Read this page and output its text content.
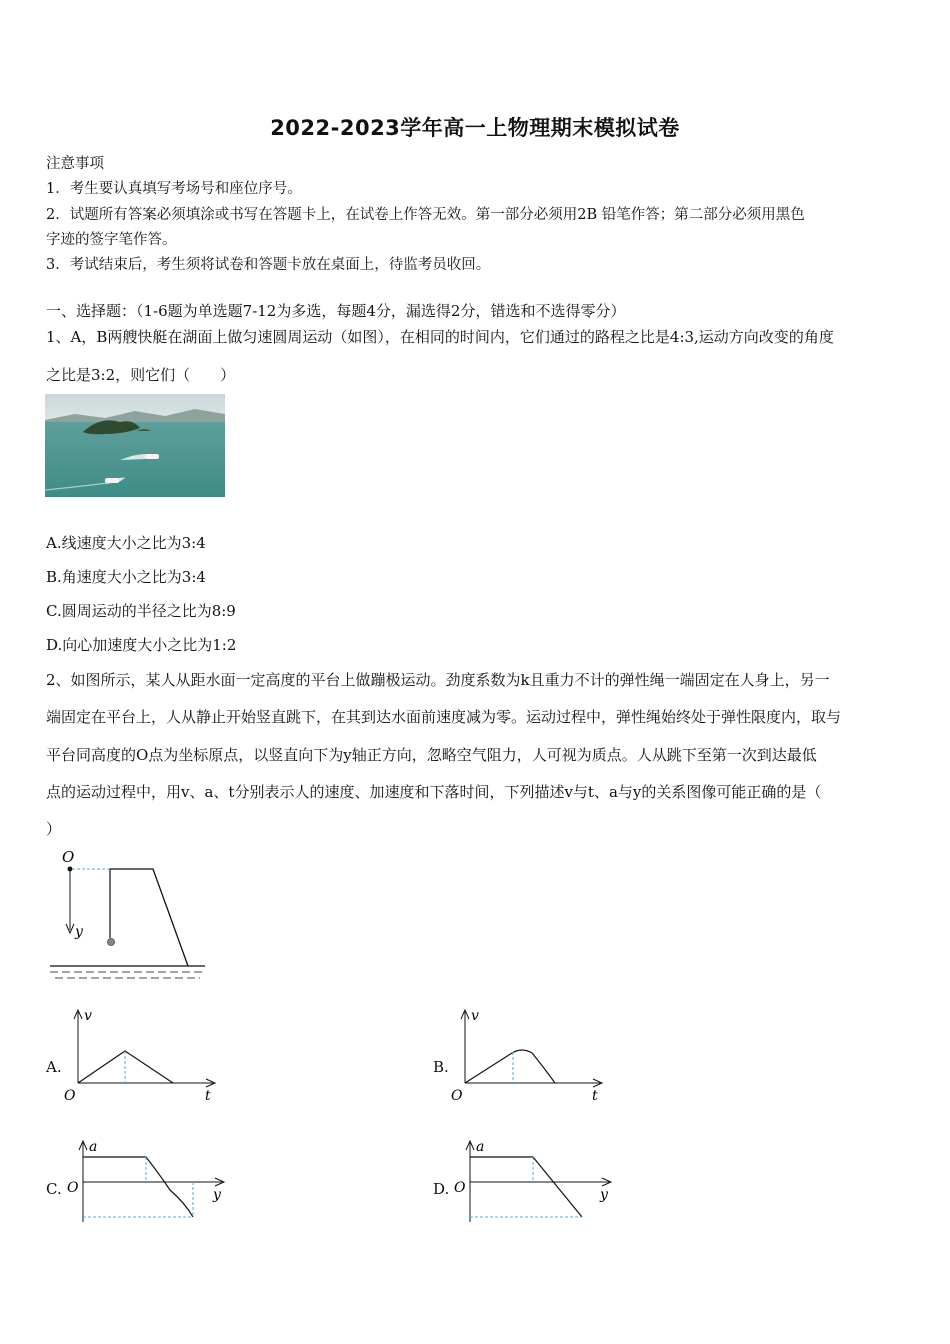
2022-2023学年高一上物理期末模拟试卷
注意事项
1．考生要认真填写考场号和座位序号。
2．试题所有答案必须填涂或书写在答题卡上，在试卷上作答无效。第一部分必须用2B 铅笔作答；第二部分必须用黑色
字迹的签字笔作答。
3．考试结束后，考生须将试卷和答题卡放在桌面上，待监考员收回。
一、选择题：（1-6题为单选题7-12为多选，每题4分，漏选得2分，错选和不选得零分）
1、A，B两艘快艇在湖面上做匀速圆周运动（如图），在相同的时间内，它们通过的路程之比是4:3,运动方向改变的角度
之比是3:2，则它们（　　）
A.线速度大小之比为3:4
B.角速度大小之比为3:4
C.圆周运动的半径之比为8:9
D.向心加速度大小之比为1:2
2、如图所示，某人从距水面一定高度的平台上做蹦极运动。劲度系数为k且重力不计的弹性绳一端固定在人身上，另一
端固定在平台上，人从静止开始竖直跳下，在其到达水面前速度减为零。运动过程中，弹性绳始终处于弹性限度内，取与
平台同高度的O点为坐标原点，以竖直向下为y轴正方向，忽略空气阻力，人可视为质点。人从跳下至第一次到达最低
点的运动过程中，用v、a、t分别表示人的速度、加速度和下落时间，下列描述v与t、a与y的关系图像可能正确的是（
）
O
y
A.
v
t
O
B.
v
t
O
C.
a
y
O	D.
a
y
O
